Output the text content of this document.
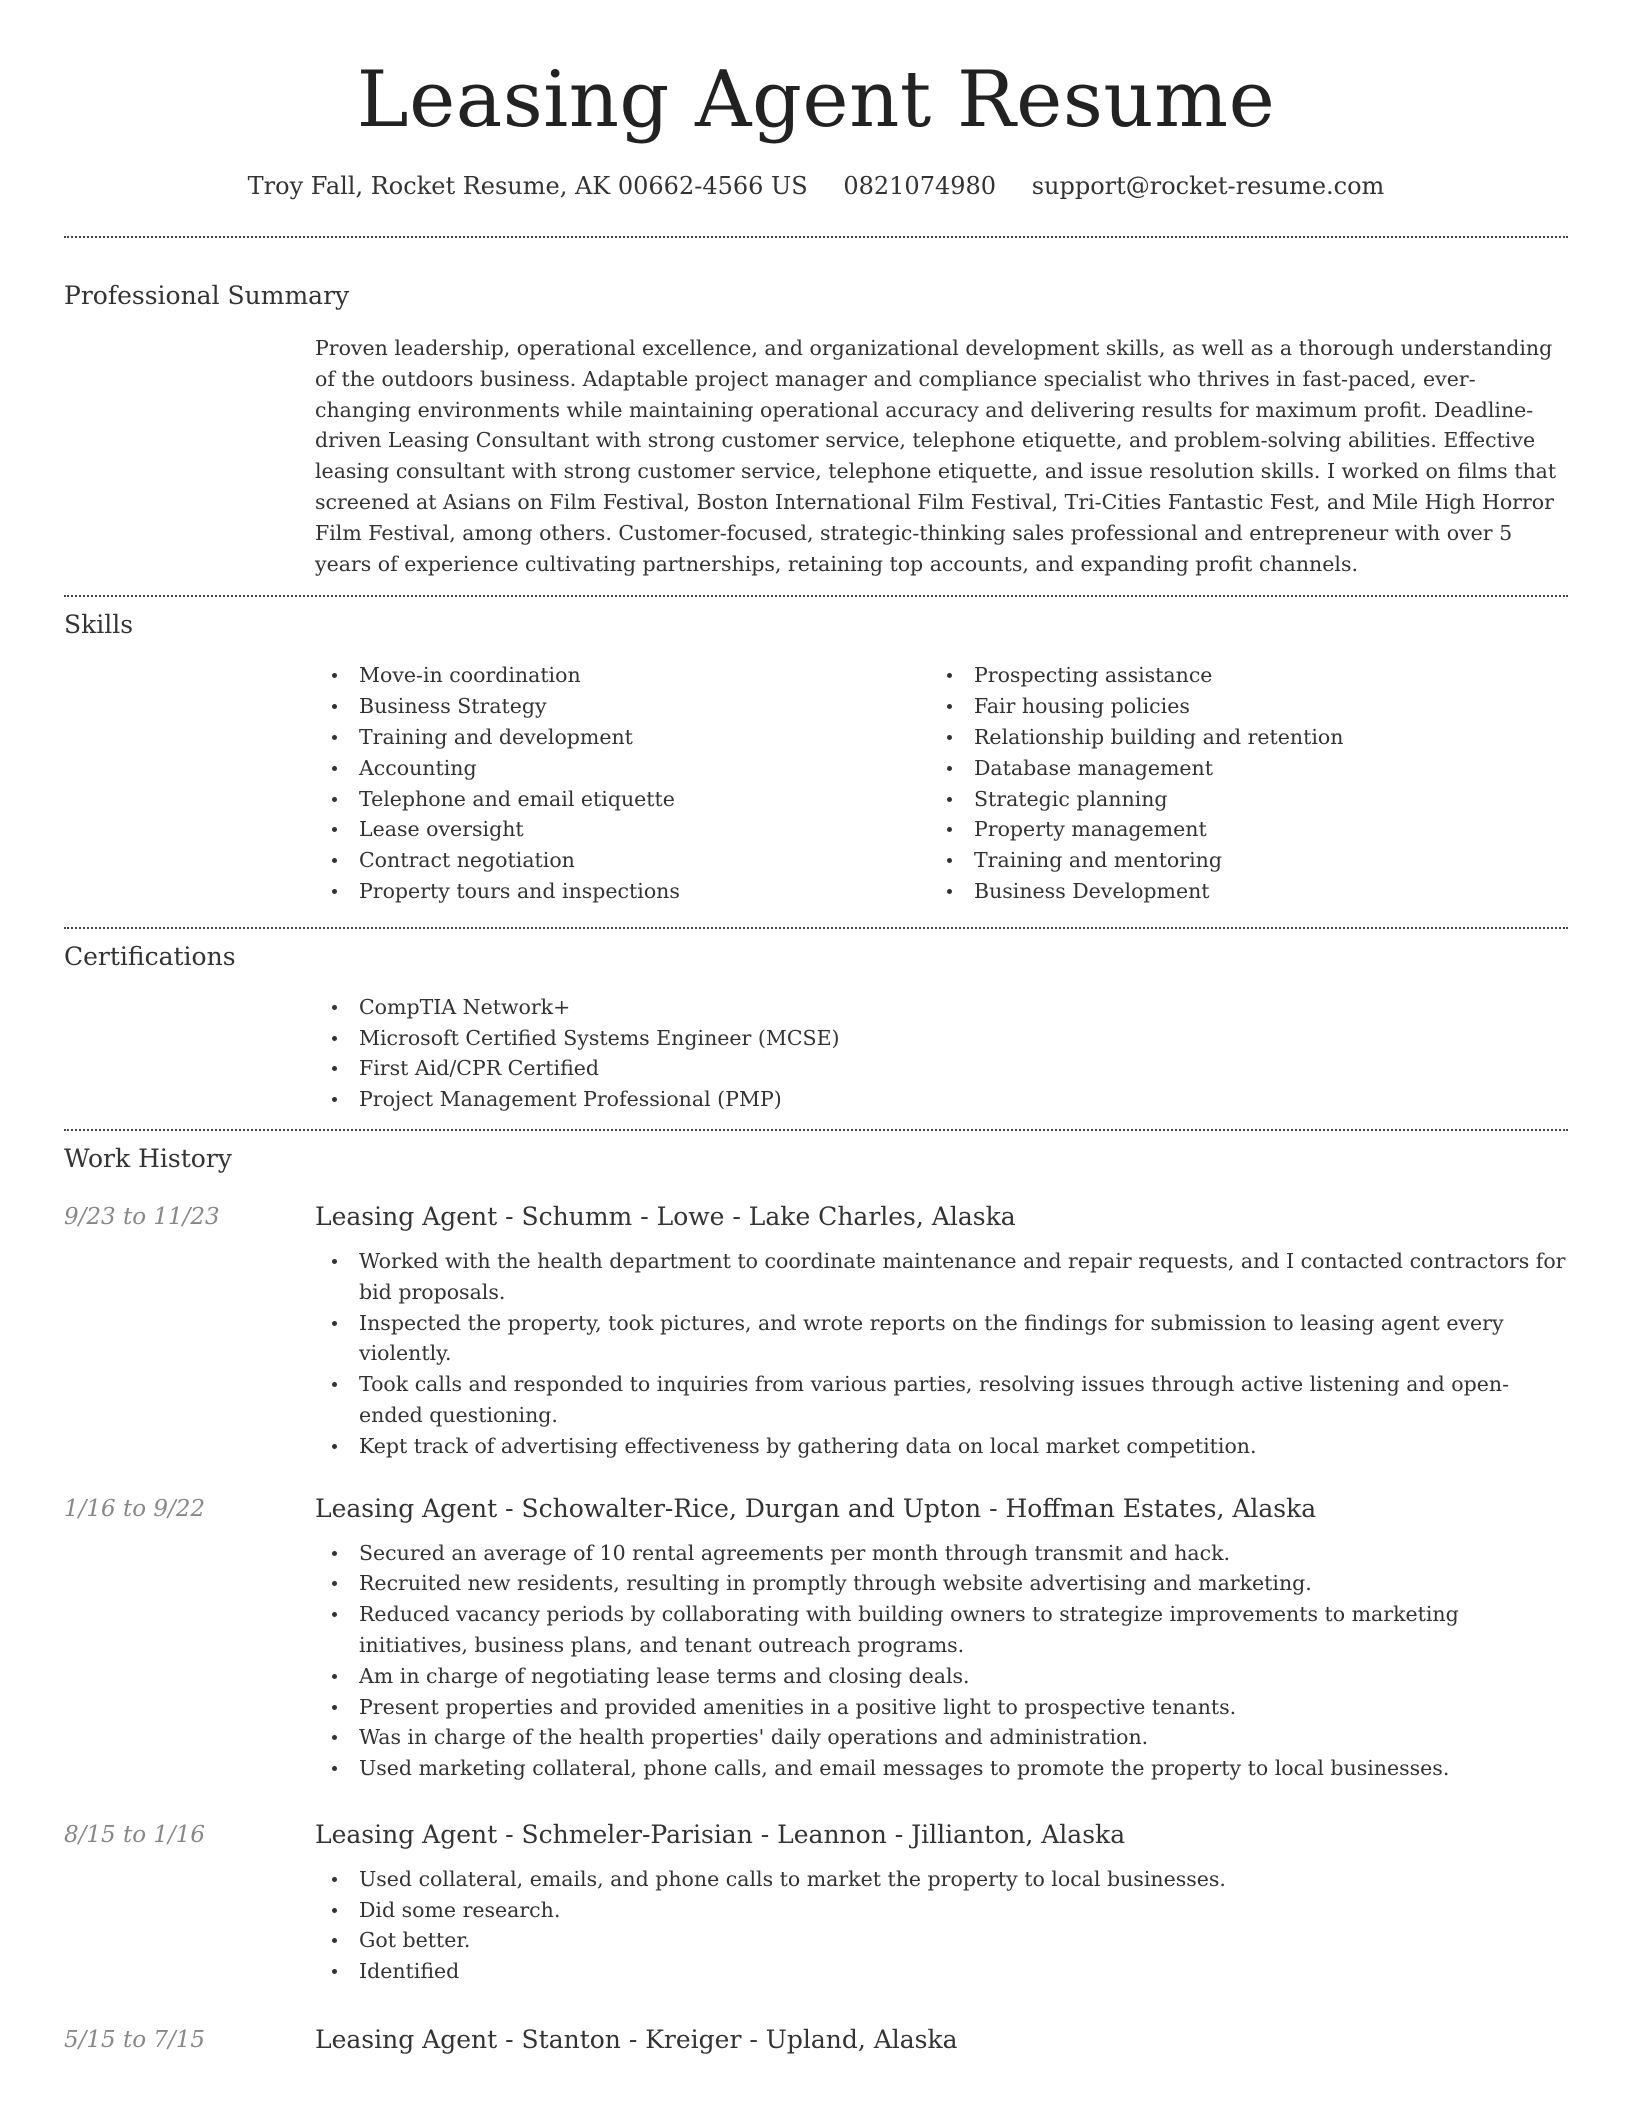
Leasing Agent Resume
Troy Fall, Rocket Resume, AK 00662-4566 US 0821074980 support@rocket-resume.com
Professional Summary

Proven leadership, operational excellence, and organizational development skills, as well as a thorough understanding of the outdoors business. Adaptable project manager and compliance specialist who thrives in fast-paced, ever-changing environments while maintaining operational accuracy and delivering results for maximum profit. Deadline-driven Leasing Consultant with strong customer service, telephone etiquette, and problem-solving abilities. Effective leasing consultant with strong customer service, telephone etiquette, and issue resolution skills. I worked on films that screened at Asians on Film Festival, Boston International Film Festival, Tri-Cities Fantastic Fest, and Mile High Horror Film Festival, among others. Customer-focused, strategic-thinking sales professional and entrepreneur with over 5 years of experience cultivating partnerships, retaining top accounts, and expanding profit channels.

Skills
Move-in coordination
Business Strategy
Training and development
Accounting
Telephone and email etiquette
Lease oversight
Contract negotiation
Property tours and inspections
Prospecting assistance
Fair housing policies
Relationship building and retention
Database management
Strategic planning
Property management
Training and mentoring
Business Development
Certifications
CompTIA Network+
Microsoft Certified Systems Engineer (MCSE)
First Aid/CPR Certified
Project Management Professional (PMP)
Work History
9/23 to 11/23	Leasing Agent - Schumm - Lowe - Lake Charles, Alaska
Worked with the health department to coordinate maintenance and repair requests, and I contacted contractors for bid proposals.
Inspected the property, took pictures, and wrote reports on the findings for submission to leasing agent every violently.
Took calls and responded to inquiries from various parties, resolving issues through active listening and open-ended questioning.
Kept track of advertising effectiveness by gathering data on local market competition.
1/16 to 9/22	Leasing Agent - Schowalter-Rice, Durgan and Upton - Hoffman Estates, Alaska
Secured an average of 10 rental agreements per month through transmit and hack.
Recruited new residents, resulting in promptly through website advertising and marketing.
Reduced vacancy periods by collaborating with building owners to strategize improvements to marketing initiatives, business plans, and tenant outreach programs.
Am in charge of negotiating lease terms and closing deals.
Present properties and provided amenities in a positive light to prospective tenants.
Was in charge of the health properties' daily operations and administration.
Used marketing collateral, phone calls, and email messages to promote the property to local businesses.
8/15 to 1/16	Leasing Agent - Schmeler-Parisian - Leannon - Jillianton, Alaska
Used collateral, emails, and phone calls to market the property to local businesses.
Did some research.
Got better.
Identified
5/15 to 7/15	Leasing Agent - Stanton - Kreiger - Upland, Alaska
